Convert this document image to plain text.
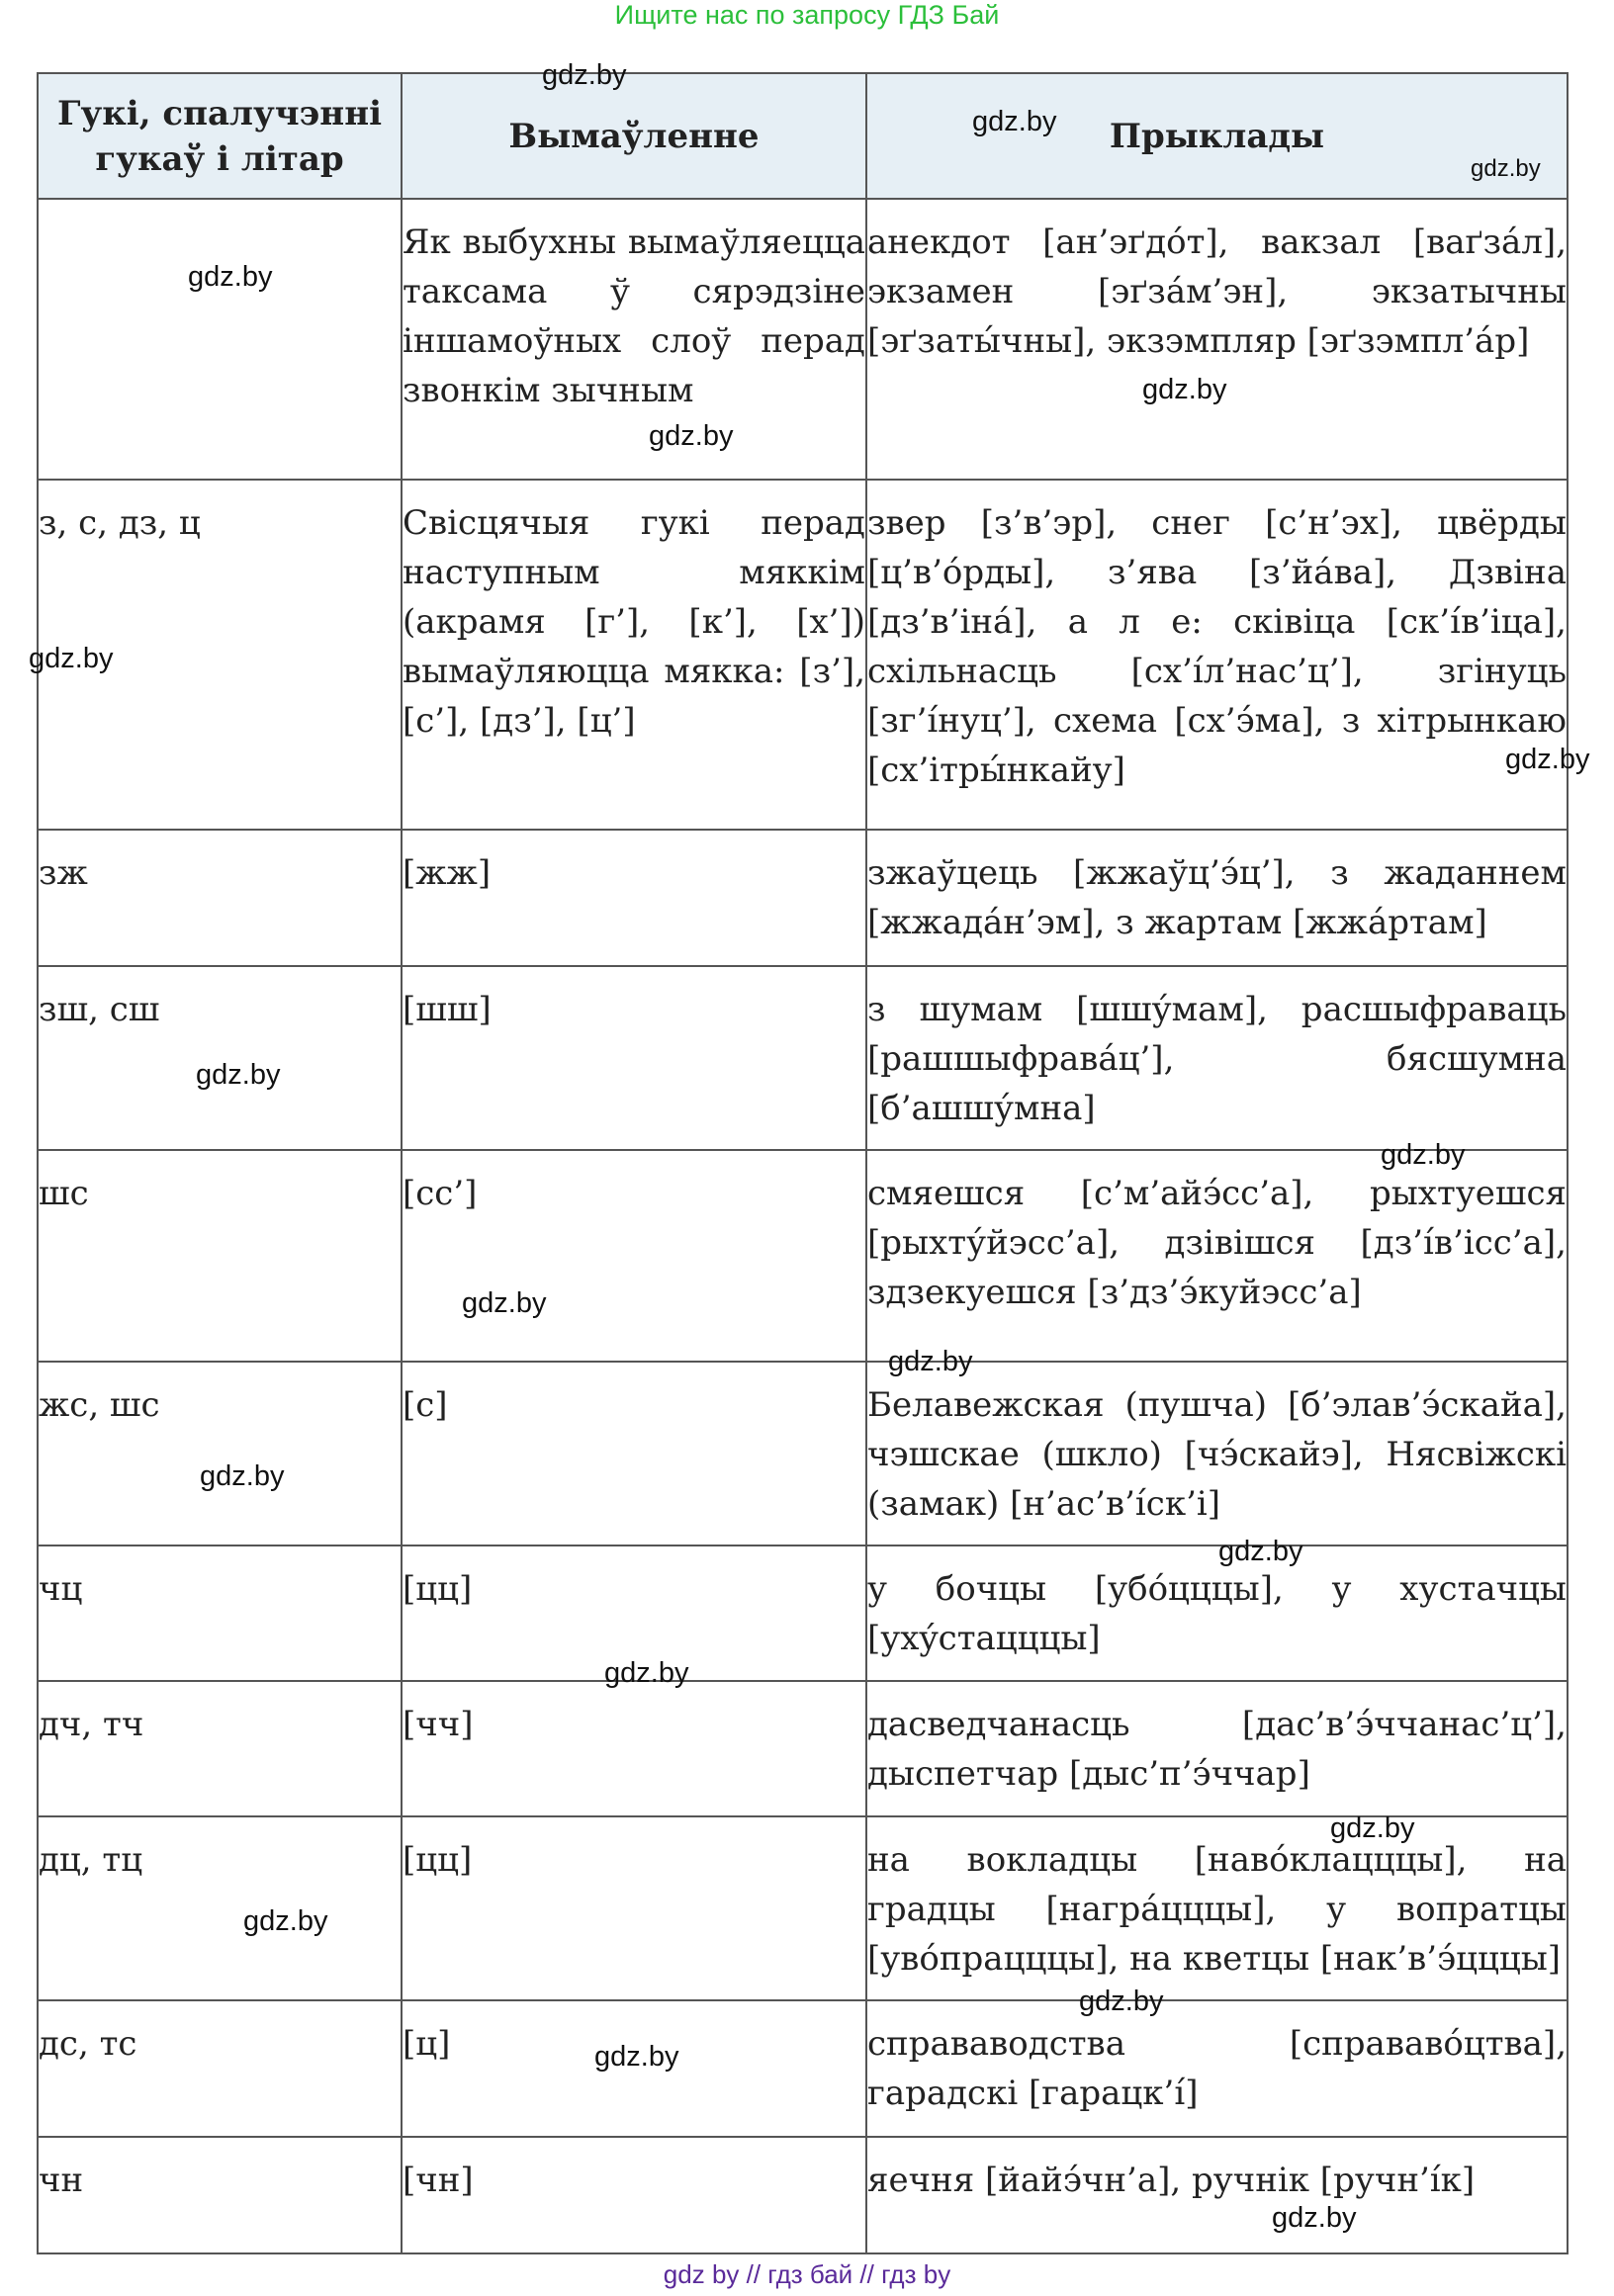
Ищите нас по запросу ГДЗ Бай
Гукі, спалучэнні гукаў і літар	Вымаўленне	Прыклады
	Як выбухны вымаўляецца таксама ў сярэдзіне іншамоўных слоў перад звонкім зычным	анекдот [ан’эґдо́т], вакзал [ваґза́л], экзамен [эґза́м’эн], экзатычны [эґзаты́чны], экзэмпляр [эґзэмпл’а́р]
з, с, дз, ц	Свісцячыя гукі перад наступным мяккім (акрамя [г’], [к’], [х’]) вымаўляюцца мякка: [з’], [с’], [дз’], [ц’]	звер [з’в’эр], снег [с’н’эх], цвёрды [ц’в’о́рды], з’ява [з’йа́ва], Дзвіна [дз’в’іна́], а л е: сківіца [ск’і́в’іца], схільнасць [сх’і́л’нас’ц’], згінуць [зг’і́нуц’], схема [сх’э́ма], з хітрынкаю [сх’ітры́нкайу]
зж	[жж]	зжаўцець [жжаўц’э́ц’], з жаданнем [жжада́н’эм], з жартам [жжа́ртам]
зш, сш	[шш]	з шумам [шшу́мам], расшыфраваць [рашшыфрава́ц’], бясшумна [б’ашшу́мна]
шс	[сс’]	смяешся [с’м’айэ́сс’а], рыхтуешся [рыхту́йэсс’а], дзівішся [дз’і́в’ісс’а], здзекуешся [з’дз’э́куйэсс’а]
жс, шс	[с]	Белавежская (пушча) [б’элав’э́скайа], чэшскае (шкло) [чэ́скайэ], Нясвіжскі (замак) [н’ас’в’і́ск’і]
чц	[цц]	у бочцы [убо́цццы], у хустачцы [ухýстацццы]
дч, тч	[чч]	дасведчанасць [дас’в’э́ччанас’ц’], дыспетчар [дыс’п’э́ччар]
дц, тц	[цц]	на вокладцы [наво́клацццы], на градцы [награ́цццы], у вопратцы [уво́працццы], на кветцы [нак’в’э́цццы]
дс, тс	[ц]	справаводства [справаво́цтва], гарадскі [гарацк’і́]
чн	[чн]	яечня [йайэ́чн’а], ручнік [ручн’і́к]
gdz.by
gdz.by
gdz.by
gdz.by
gdz.by
gdz.by
gdz.by
gdz.by
gdz.by
gdz.by
gdz.by
gdz.by
gdz.by
gdz.by
gdz.by
gdz.by
gdz.by
gdz.by
gdz.by
gdz.by
gdz by // гдз бай // гдз by
